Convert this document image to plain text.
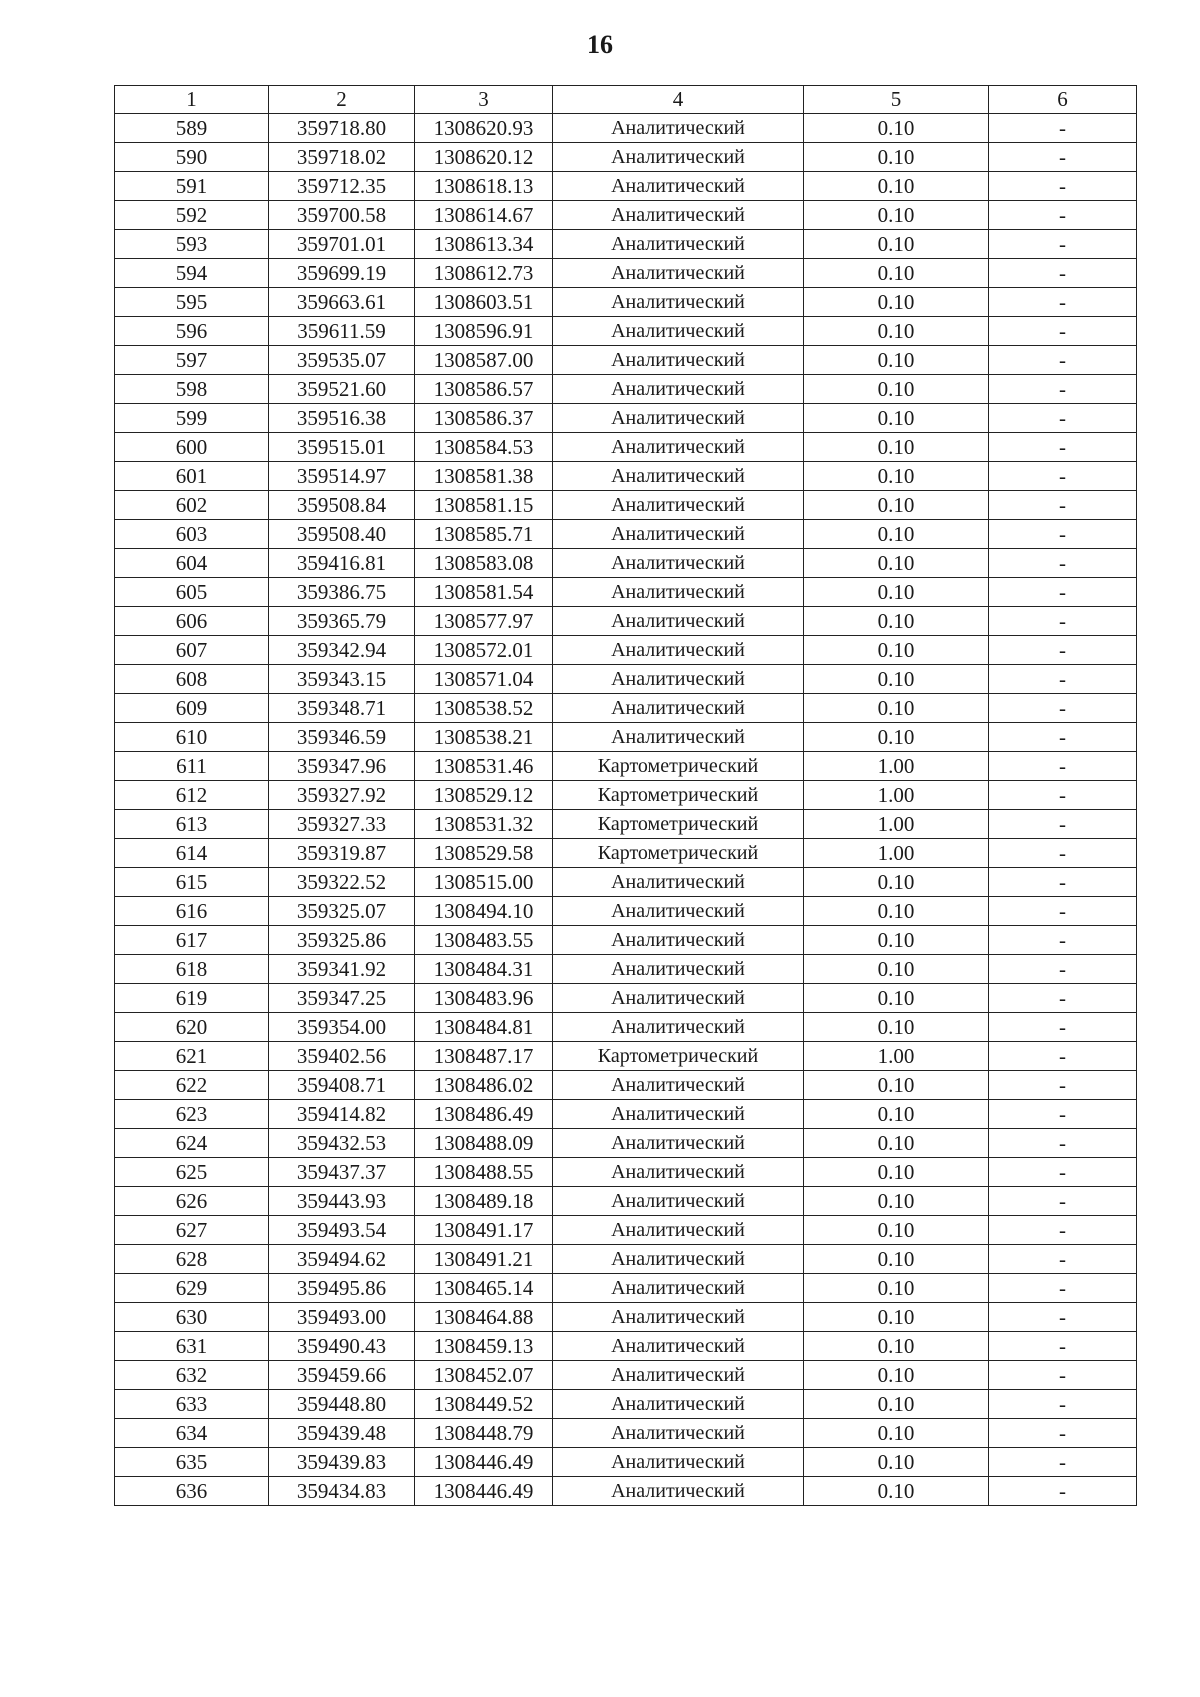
16
1	2	3	4	5	6
589	359718.80	1308620.93	Аналитический	0.10	-
590	359718.02	1308620.12	Аналитический	0.10	-
591	359712.35	1308618.13	Аналитический	0.10	-
592	359700.58	1308614.67	Аналитический	0.10	-
593	359701.01	1308613.34	Аналитический	0.10	-
594	359699.19	1308612.73	Аналитический	0.10	-
595	359663.61	1308603.51	Аналитический	0.10	-
596	359611.59	1308596.91	Аналитический	0.10	-
597	359535.07	1308587.00	Аналитический	0.10	-
598	359521.60	1308586.57	Аналитический	0.10	-
599	359516.38	1308586.37	Аналитический	0.10	-
600	359515.01	1308584.53	Аналитический	0.10	-
601	359514.97	1308581.38	Аналитический	0.10	-
602	359508.84	1308581.15	Аналитический	0.10	-
603	359508.40	1308585.71	Аналитический	0.10	-
604	359416.81	1308583.08	Аналитический	0.10	-
605	359386.75	1308581.54	Аналитический	0.10	-
606	359365.79	1308577.97	Аналитический	0.10	-
607	359342.94	1308572.01	Аналитический	0.10	-
608	359343.15	1308571.04	Аналитический	0.10	-
609	359348.71	1308538.52	Аналитический	0.10	-
610	359346.59	1308538.21	Аналитический	0.10	-
611	359347.96	1308531.46	Картометрический	1.00	-
612	359327.92	1308529.12	Картометрический	1.00	-
613	359327.33	1308531.32	Картометрический	1.00	-
614	359319.87	1308529.58	Картометрический	1.00	-
615	359322.52	1308515.00	Аналитический	0.10	-
616	359325.07	1308494.10	Аналитический	0.10	-
617	359325.86	1308483.55	Аналитический	0.10	-
618	359341.92	1308484.31	Аналитический	0.10	-
619	359347.25	1308483.96	Аналитический	0.10	-
620	359354.00	1308484.81	Аналитический	0.10	-
621	359402.56	1308487.17	Картометрический	1.00	-
622	359408.71	1308486.02	Аналитический	0.10	-
623	359414.82	1308486.49	Аналитический	0.10	-
624	359432.53	1308488.09	Аналитический	0.10	-
625	359437.37	1308488.55	Аналитический	0.10	-
626	359443.93	1308489.18	Аналитический	0.10	-
627	359493.54	1308491.17	Аналитический	0.10	-
628	359494.62	1308491.21	Аналитический	0.10	-
629	359495.86	1308465.14	Аналитический	0.10	-
630	359493.00	1308464.88	Аналитический	0.10	-
631	359490.43	1308459.13	Аналитический	0.10	-
632	359459.66	1308452.07	Аналитический	0.10	-
633	359448.80	1308449.52	Аналитический	0.10	-
634	359439.48	1308448.79	Аналитический	0.10	-
635	359439.83	1308446.49	Аналитический	0.10	-
636	359434.83	1308446.49	Аналитический	0.10	-
